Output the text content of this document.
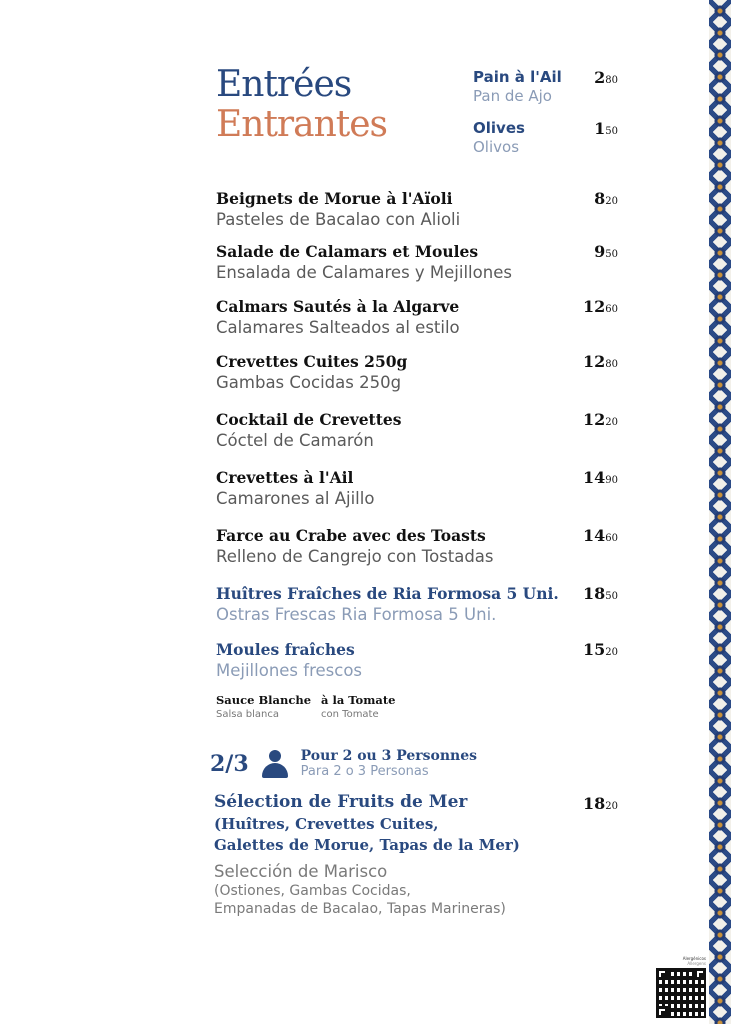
Entrées
Entrantes
Pain à l'Ail
Pan de Ajo
280
Olives
Olivos
150
Beignets de Morue à l'Aïoli
Pasteles de Bacalao con Alioli
820
Salade de Calamars et Moules
Ensalada de Calamares y Mejillones
950
Calmars Sautés à la Algarve
Calamares Salteados al estilo
1260
Crevettes Cuites 250g
Gambas Cocidas 250g
1280
Cocktail de Crevettes
Cóctel de Camarón
1220
Crevettes à l'Ail
Camarones al Ajillo
1490
Farce au Crabe avec des Toasts
Relleno de Cangrejo con Tostadas
1460
Huîtres Fraîches de Ria Formosa 5 Uni.
Ostras Frescas Ria Formosa 5 Uni.
1850
Moules fraîches
Mejillones frescos
1520
Sauce Blanche
Salsa blanca
à la Tomate
con Tomate
2/3	Pour 2 ou 3 Personnes
Para 2 o 3 Personas
Sélection de Fruits de Mer
(Huîtres, Crevettes Cuites,
Galettes de Morue, Tapas de la Mer)
Selección de Marisco
(Ostiones, Gambas Cocidas,
Empanadas de Bacalao, Tapas Marineras)
1820
Alergénicos
Allergens
